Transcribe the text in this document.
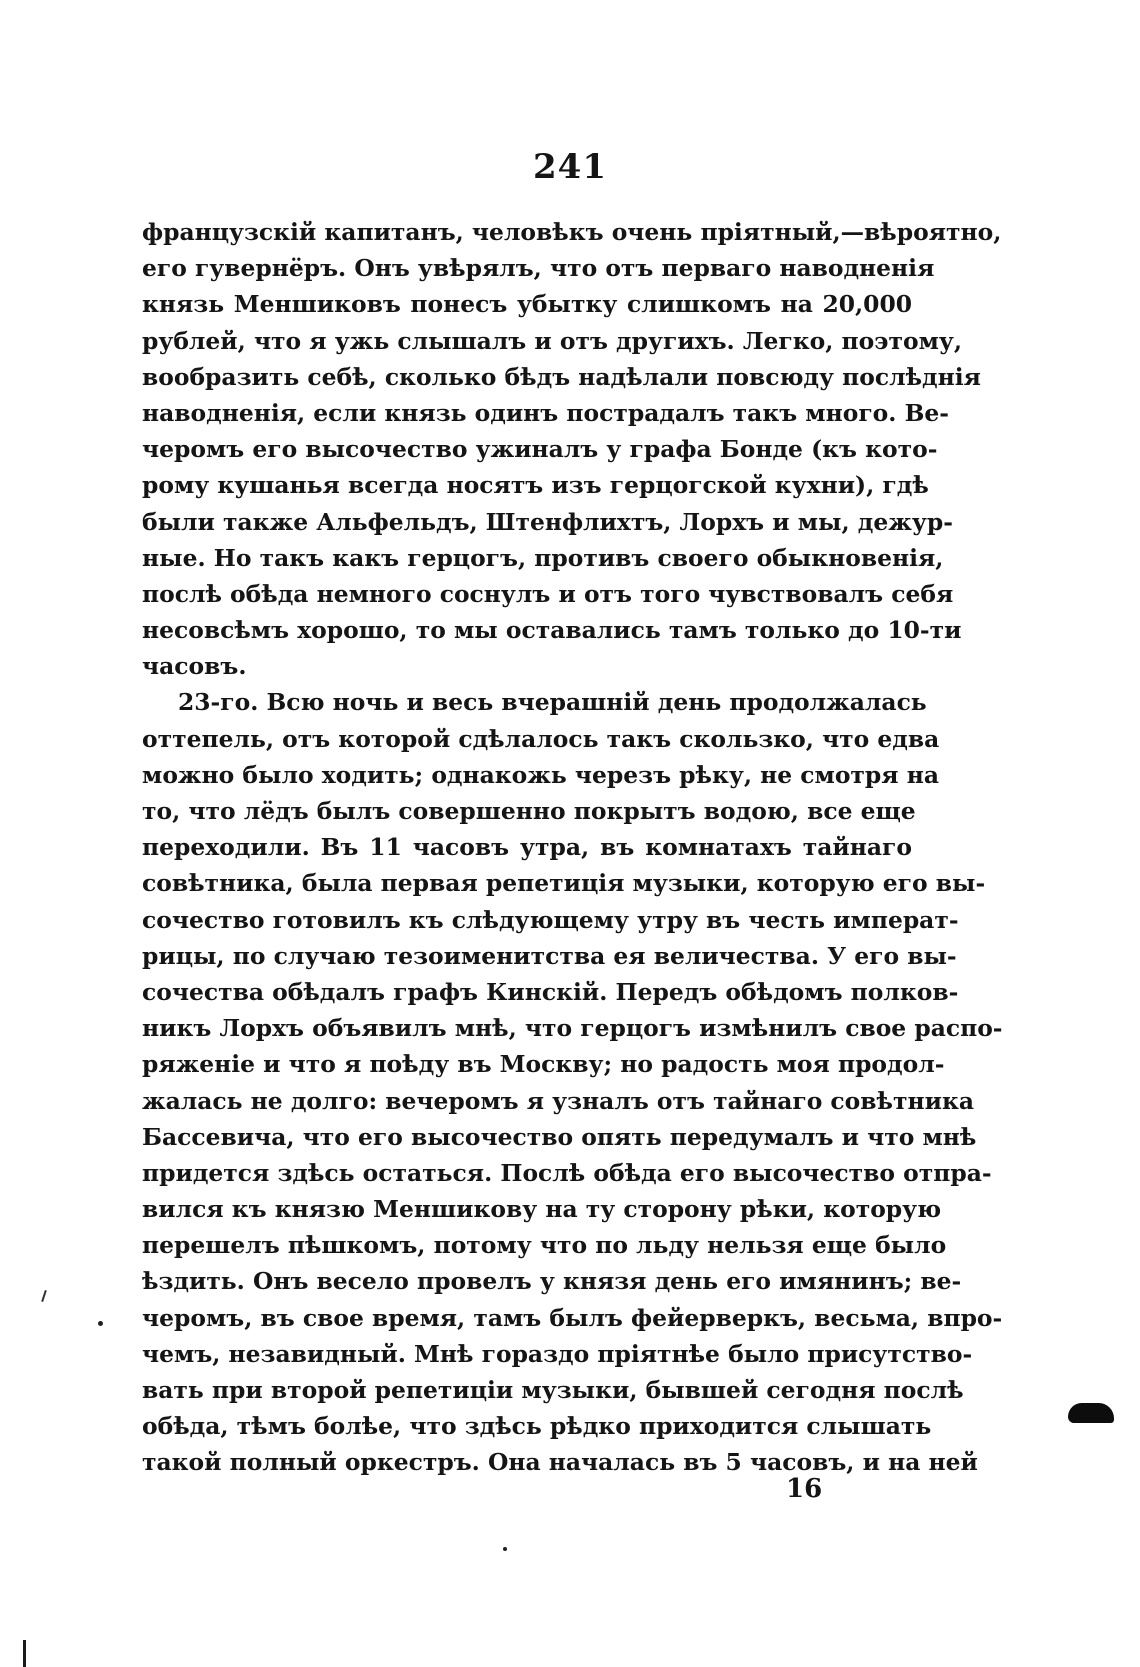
241
французскій капитанъ, человѣкъ очень пріятный,—вѣроятно,
его гувернёръ. Онъ увѣрялъ, что отъ перваго наводненія
князь Меншиковъ понесъ убытку слишкомъ на 20,000
рублей, что я ужь слышалъ и отъ другихъ. Легко, поэтому,
вообразить себѣ, сколько бѣдъ надѣлали повсюду послѣднія
наводненія, если князь одинъ пострадалъ такъ много. Ве-
черомъ его высочество ужиналъ у графа Бонде (къ кото-
рому кушанья всегда носятъ изъ герцогской кухни), гдѣ
были также Альфельдъ, Штенфлихтъ, Лорхъ и мы, дежур-
ные. Но такъ какъ герцогъ, противъ своего обыкновенія,
послѣ обѣда немного соснулъ и отъ того чувствовалъ себя
несовсѣмъ хорошо, то мы оставались тамъ только до 10-ти
часовъ.
23-го. Всю ночь и весь вчерашній день продолжалась
оттепель, отъ которой сдѣлалось такъ скользко, что едва
можно было ходить; однакожь черезъ рѣку, не смотря на
то, что лёдъ былъ совершенно покрытъ водою, все еще
переходили. Въ 11 часовъ утра, въ комнатахъ тайнаго
совѣтника, была первая репетиція музыки, которую его вы-
сочество готовилъ къ слѣдующему утру въ честь императ-
рицы, по случаю тезоименитства ея величества. У его вы-
сочества обѣдалъ графъ Кинскій. Передъ обѣдомъ полков-
никъ Лорхъ объявилъ мнѣ, что герцогъ измѣнилъ свое распо-
ряженіе и что я поѣду въ Москву; но радость моя продол-
жалась не долго: вечеромъ я узналъ отъ тайнаго совѣтника
Бассевича, что его высочество опять передумалъ и что мнѣ
придется здѣсь остаться. Послѣ обѣда его высочество отпра-
вился къ князю Меншикову на ту сторону рѣки, которую
перешелъ пѣшкомъ, потому что по льду нельзя еще было
ѣздить. Онъ весело провелъ у князя день его имянинъ; ве-
черомъ, въ свое время, тамъ былъ фейерверкъ, весьма, впро-
чемъ, незавидный. Мнѣ гораздо пріятнѣе было присутство-
вать при второй репетиціи музыки, бывшей сегодня послѣ
обѣда, тѣмъ болѣе, что здѣсь рѣдко приходится слышать
такой полный оркестръ. Она началась въ 5 часовъ, и на ней
16
